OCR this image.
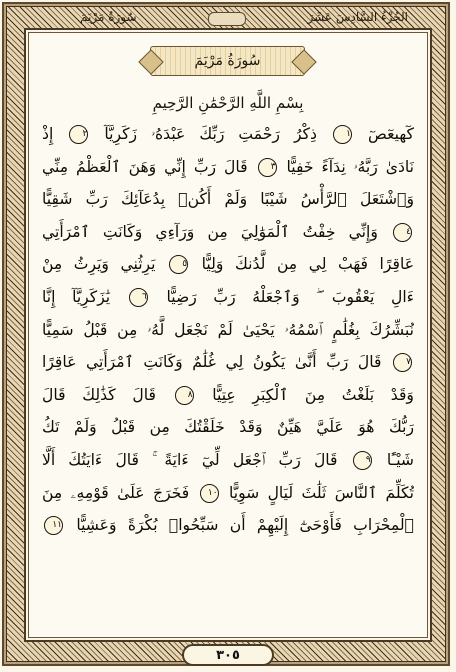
سُورَةُ مَرْيَمَ	الجُزْءُ السَّادِسَ عَشَرَ
سُورَةُ مَرْيَمَ
بِسْمِ اللَّهِ الرَّحْمَٰنِ الرَّحِيمِ
كٓهيعٓصٓ ١ ذِكْرُ رَحْمَتِ رَبِّكَ عَبْدَهُۥ زَكَرِيَّآ ٢ إِذْ
نَادَىٰ رَبَّهُۥ نِدَآءً خَفِيًّا ٣ قَالَ رَبِّ إِنِّي وَهَنَ ٱلْعَظْمُ مِنِّي
وَٱشْتَعَلَ ٱلرَّأْسُ شَيْبًا وَلَمْ أَكُنۢ بِدُعَآئِكَ رَبِّ شَقِيًّا
٤ وَإِنِّي خِفْتُ ٱلْمَوَٰلِيَ مِن وَرَآءِي وَكَانَتِ ٱمْرَأَتِي
عَاقِرًا فَهَبْ لِي مِن لَّدُنكَ وَلِيًّا ٥ يَرِثُنِي وَيَرِثُ مِنْ
ءَالِ يَعْقُوبَ ۖ وَٱجْعَلْهُ رَبِّ رَضِيًّا ٦ يَٰزَكَرِيَّآ إِنَّا
نُبَشِّرُكَ بِغُلَٰمٍ ٱسْمُهُۥ يَحْيَىٰ لَمْ نَجْعَل لَّهُۥ مِن قَبْلُ سَمِيًّا
٧ قَالَ رَبِّ أَنَّىٰ يَكُونُ لِي غُلَٰمٌ وَكَانَتِ ٱمْرَأَتِي عَاقِرًا
وَقَدْ بَلَغْتُ مِنَ ٱلْكِبَرِ عِتِيًّا ٨ قَالَ كَذَٰلِكَ قَالَ
رَبُّكَ هُوَ عَلَيَّ هَيِّنٌ وَقَدْ خَلَقْتُكَ مِن قَبْلُ وَلَمْ تَكُ
شَيْـًٔا ٩ قَالَ رَبِّ ٱجْعَل لِّيٓ ءَايَةً ۚ قَالَ ءَايَتُكَ أَلَّا
تُكَلِّمَ ٱلنَّاسَ ثَلَٰثَ لَيَالٍ سَوِيًّا ١٠ فَخَرَجَ عَلَىٰ قَوْمِهِۦ مِنَ
ٱلْمِحْرَابِ فَأَوْحَىٰٓ إِلَيْهِمْ أَن سَبِّحُوا۟ بُكْرَةً وَعَشِيًّا ١١
٣٠٥
